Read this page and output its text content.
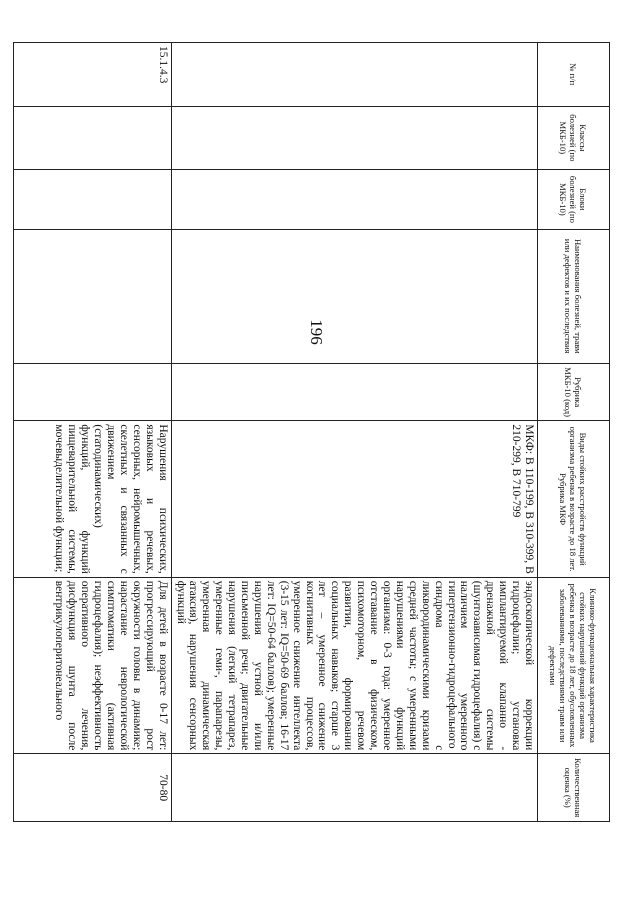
196
№ п/п	Классы болезней (по МКБ-10)	Блоки болезней (по МКБ-10)	Наименования болезней, травм или дефектов и их последствия	Рубрика МКБ-10 (код)	Виды стойких расстройств функций организма ребенка в возрасте до 18 лет. Рубрика МКФ	Клинико-функциональная характеристика стойких нарушений функций организма ребенка в возрасте до 18 лет, обусловленных заболеваниями, последствиями травм или дефектами	Количественная оценка (%)
					МКФ: В 110-199, В 310-399, В 210-299, В 710-799	эндоскопической коррекции гидроцефалии; установка имплантируемой клапанно - дренажной системы (шунтозависимая гидроцефалия) с наличием умеренного гипертензионно-гидроцефального синдрома с ликвородинамическими кризами средней частоты; с умеренными нарушениями функций организма: 0-3 года: умеренное отставание в физическом, психомоторном, речевом развитии, формировании социальных навыков; старше 3 лет – умеренное снижение когнитивных процессов, умеренное снижение интеллекта (3-15 лет: IQ=50-69 баллов; 16-17 лет: IQ=50-64 баллов); умеренные нарушения устной и/или письменной речи; двигательные нарушения (легкий тетрапарез, умеренные геми-, парапарезы, умеренная динамическая атаксия), нарушения сенсорных функций	
15.1.4.3					Нарушения психических, языковых и речевых, сенсорных, нейромышечных, скелетных и связанных с движением (статодинамических) функций, функций пищеварительной системы, мочевыделительной функции;	Для детей в возрасте 0-17 лет: прогрессирующий рост окружности головы в динамике; нарастание неврологической симптоматики (активная гидроцефалия); неэффективность оперативного лечения, дисфункция шунта после вентрикулоперитонеального	70-80
